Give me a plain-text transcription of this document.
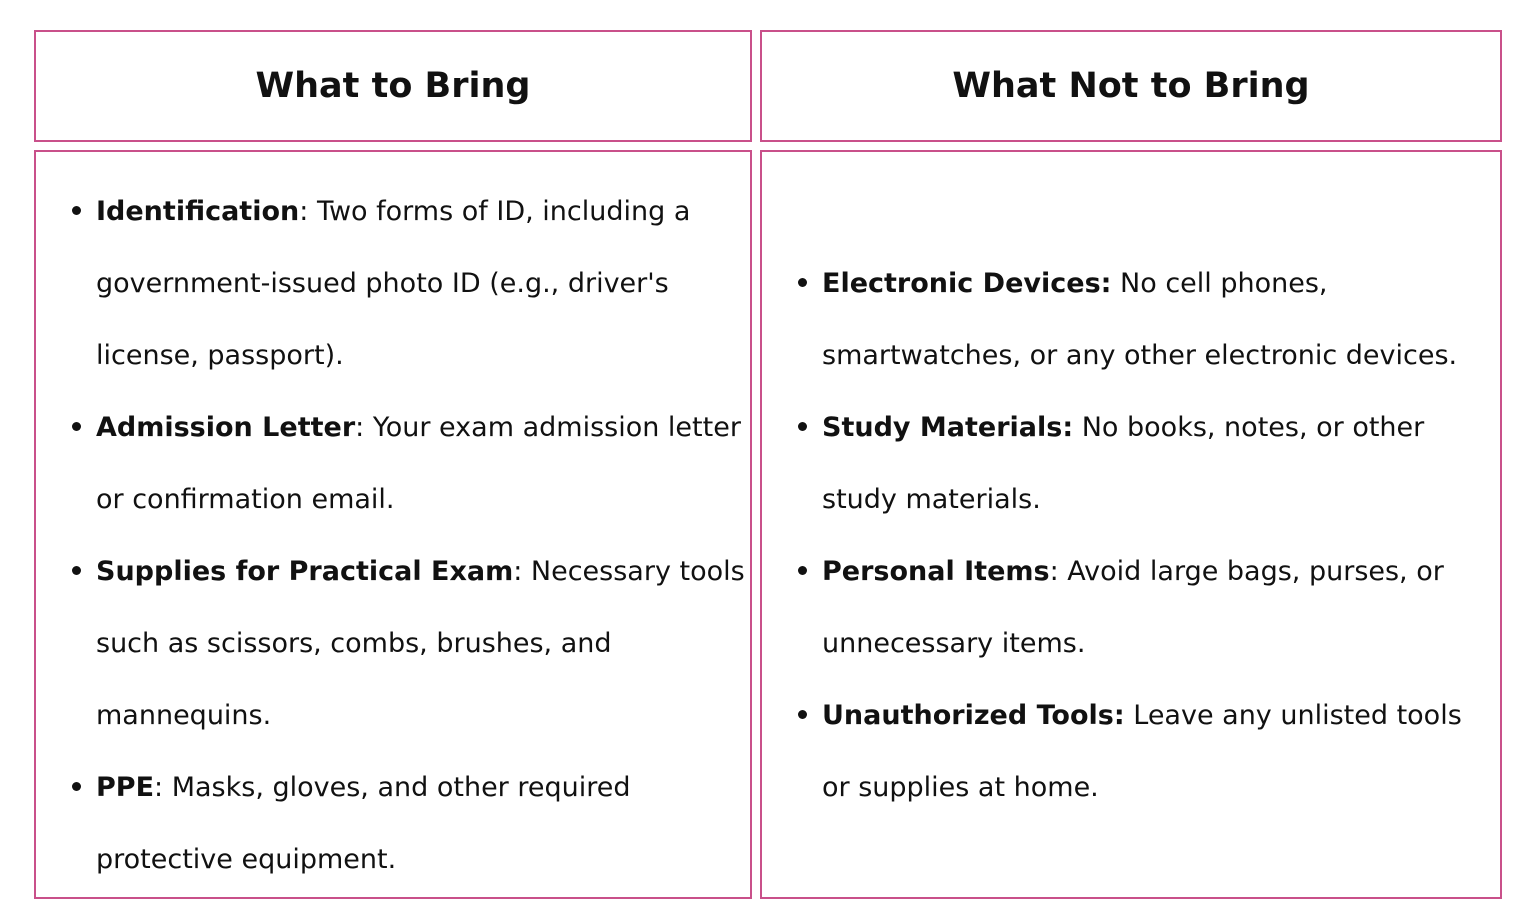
What to Bring	What Not to Bring
Identification: Two forms of ID, including a government-issued photo ID (e.g., driver's license, passport).
Admission Letter: Your exam admission letter or confirmation email.
Supplies for Practical Exam: Necessary tools such as scissors, combs, brushes, and mannequins.
PPE: Masks, gloves, and other required protective equipment.
Electronic Devices: No cell phones, smartwatches, or any other electronic devices.
Study Materials: No books, notes, or other study materials.
Personal Items: Avoid large bags, purses, or unnecessary items.
Unauthorized Tools: Leave any unlisted tools or supplies at home.
